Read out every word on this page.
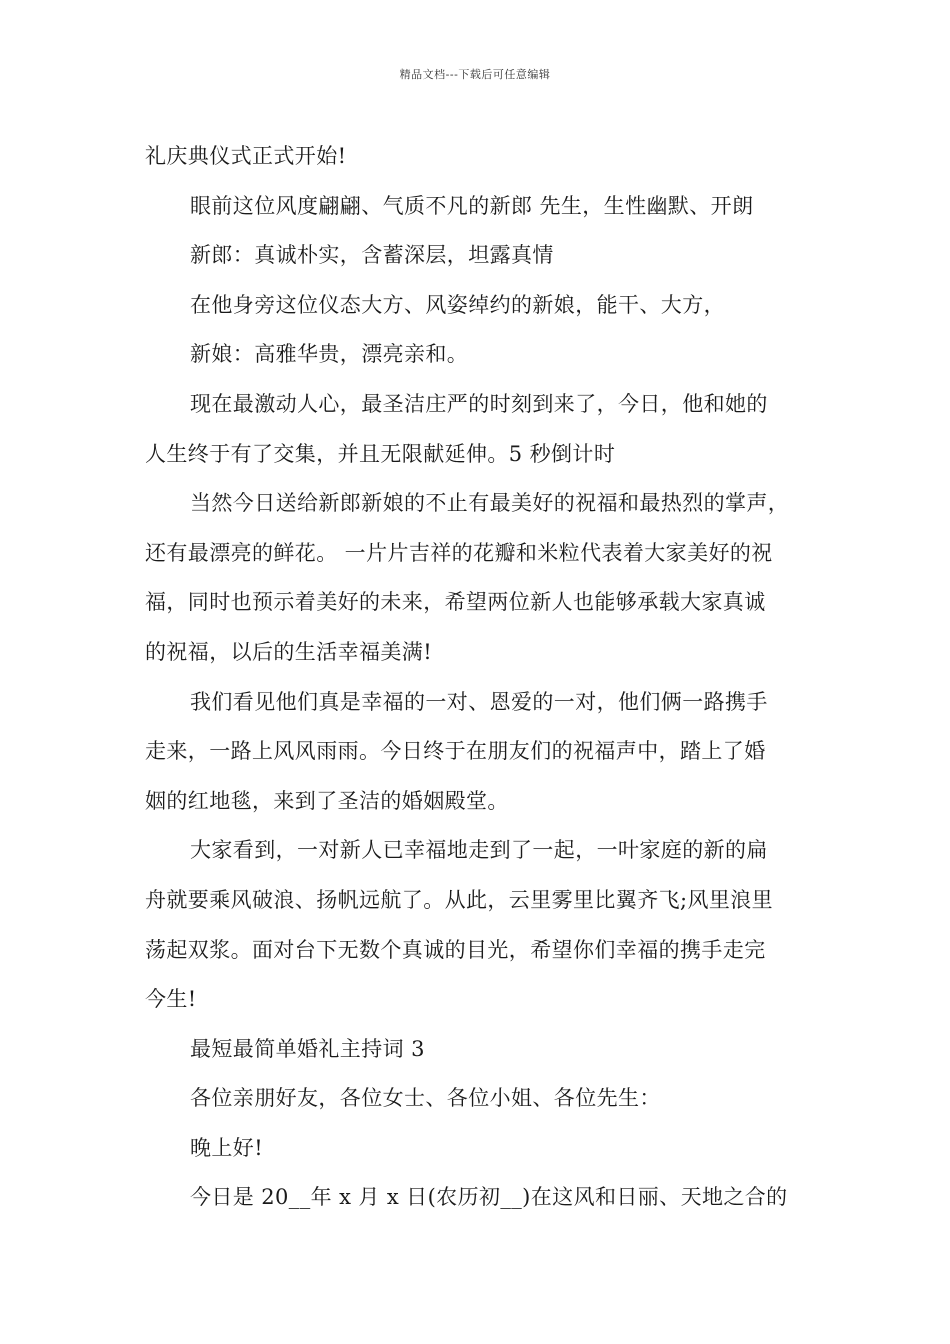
精品文档---下载后可任意编辑
礼庆典仪式正式开始!
眼前这位风度翩翩、气质不凡的新郎 先生，生性幽默、开朗
新郎：真诚朴实，含蓄深层，坦露真情
在他身旁这位仪态大方、风姿绰约的新娘，能干、大方，
新娘：高雅华贵，漂亮亲和。
现在最激动人心，最圣洁庄严的时刻到来了，今日，他和她的
人生终于有了交集，并且无限献延伸。5 秒倒计时
当然今日送给新郎新娘的不止有最美好的祝福和最热烈的掌声，
还有最漂亮的鲜花。 一片片吉祥的花瓣和米粒代表着大家美好的祝
福，同时也预示着美好的未来，希望两位新人也能够承载大家真诚
的祝福，以后的生活幸福美满!
我们看见他们真是幸福的一对、恩爱的一对，他们俩一路携手
走来，一路上风风雨雨。今日终于在朋友们的祝福声中，踏上了婚
姻的红地毯，来到了圣洁的婚姻殿堂。
大家看到，一对新人已幸福地走到了一起，一叶家庭的新的扁
舟就要乘风破浪、扬帆远航了。从此，云里雾里比翼齐飞;风里浪里
荡起双浆。面对台下无数个真诚的目光，希望你们幸福的携手走完
今生!
最短最简单婚礼主持词 3
各位亲朋好友，各位女士、各位小姐、各位先生：
晚上好!
今日是 20__年 x 月 x 日(农历初__)在这风和日丽、天地之合的
